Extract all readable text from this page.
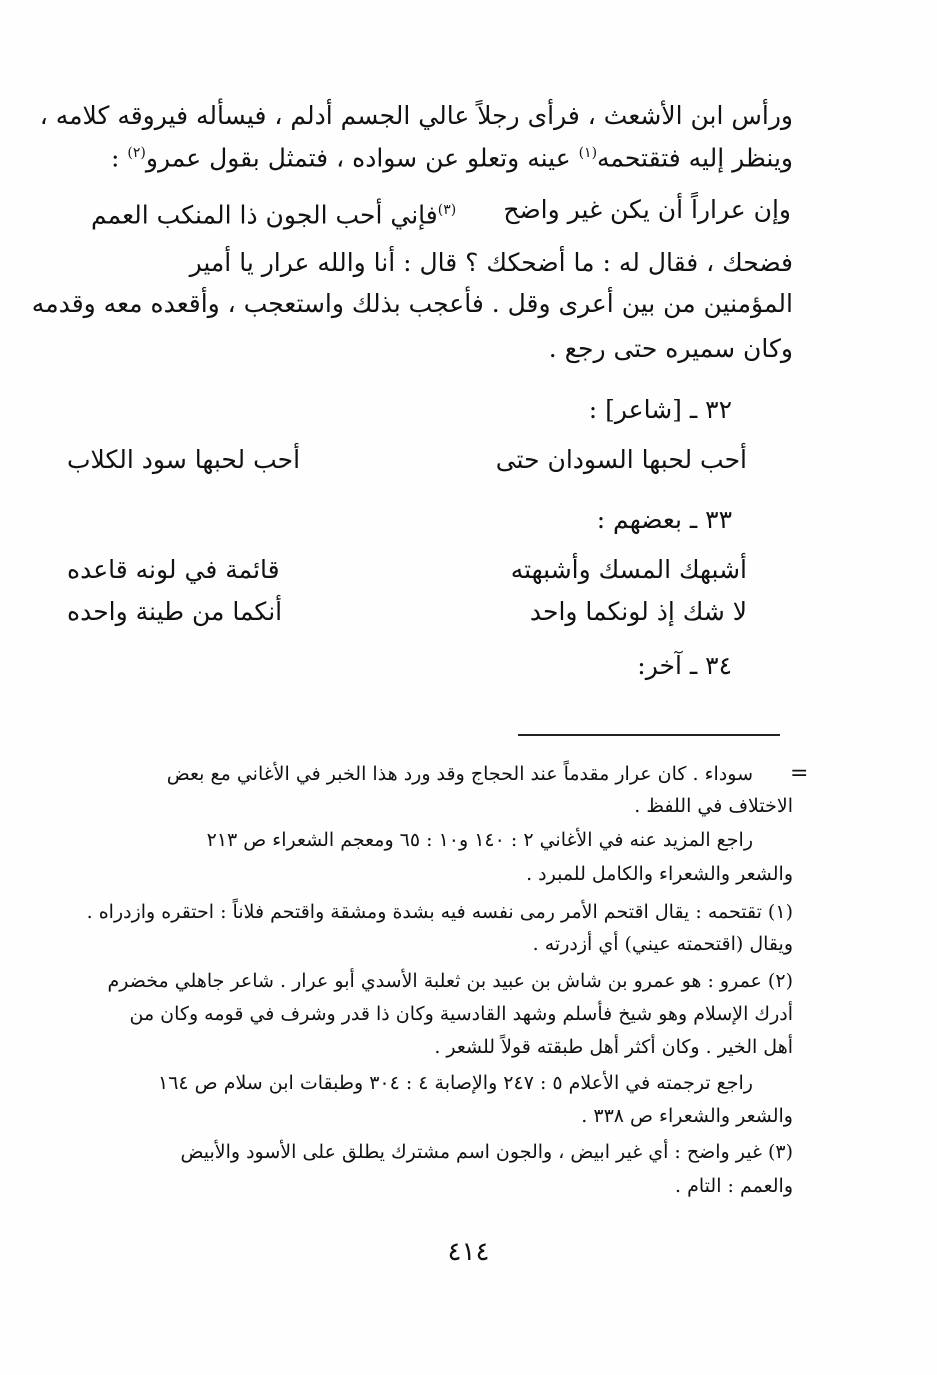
ورأس ابن الأشعث ، فرأى رجلاً عالي الجسم أدلم ، فيسأله فيروقه كلامه ،
وينظر إليه فتقتحمه$^{(١)}$ عينه وتعلو عن سواده ، فتمثل بقول عمرو$^{(٢)}$ :
وإن عراراً أن يكن غير واضح
$^{(٣)}$فإني أحب الجون ذا المنكب العمم
فضحك ، فقال له : ما أضحكك ؟ قال : أنا والله عرار يا أمير
المؤمنين من بين أعرى وقل . فأعجب بذلك واستعجب ، وأقعده معه وقدمه
وكان سميره حتى رجع .
٣٢ ـ [شاعر] :
أحب لحبها السودان حتى
أحب لحبها سود الكلاب
٣٣ ـ بعضهم :
أشبهك المسك وأشبهته
قائمة في لونه قاعده
لا شك إذ لونكما واحد
أنكما من طينة واحده
٣٤ ـ آخر:
=
سوداء . كان عرار مقدماً عند الحجاج وقد ورد هذا الخبر في الأغاني مع بعض
الاختلاف في اللفظ .
راجع المزيد عنه في الأغاني ٢ : ١٤٠ و١٠ : ٦٥ ومعجم الشعراء ص ٢١٣
والشعر والشعراء والكامل للمبرد .
(١) تقتحمه : يقال اقتحم الأمر رمى نفسه فيه بشدة ومشقة واقتحم فلاناً : احتقره وازدراه .
ويقال (اقتحمته عيني) أي أزدرته .
(٢) عمرو : هو عمرو بن شاش بن عبيد بن ثعلبة الأسدي أبو عرار . شاعر جاهلي مخضرم
أدرك الإسلام وهو شيخ فأسلم وشهد القادسية وكان ذا قدر وشرف في قومه وكان من
أهل الخير . وكان أكثر أهل طبقته قولاً للشعر .
راجع ترجمته في الأعلام ٥ : ٢٤٧ والإصابة ٤ : ٣٠٤ وطبقات ابن سلام ص ١٦٤
والشعر والشعراء ص ٣٣٨ .
(٣) غير واضح : أي غير ابيض ، والجون اسم مشترك يطلق على الأسود والأبيض
والعمم : التام .
٤١٤
